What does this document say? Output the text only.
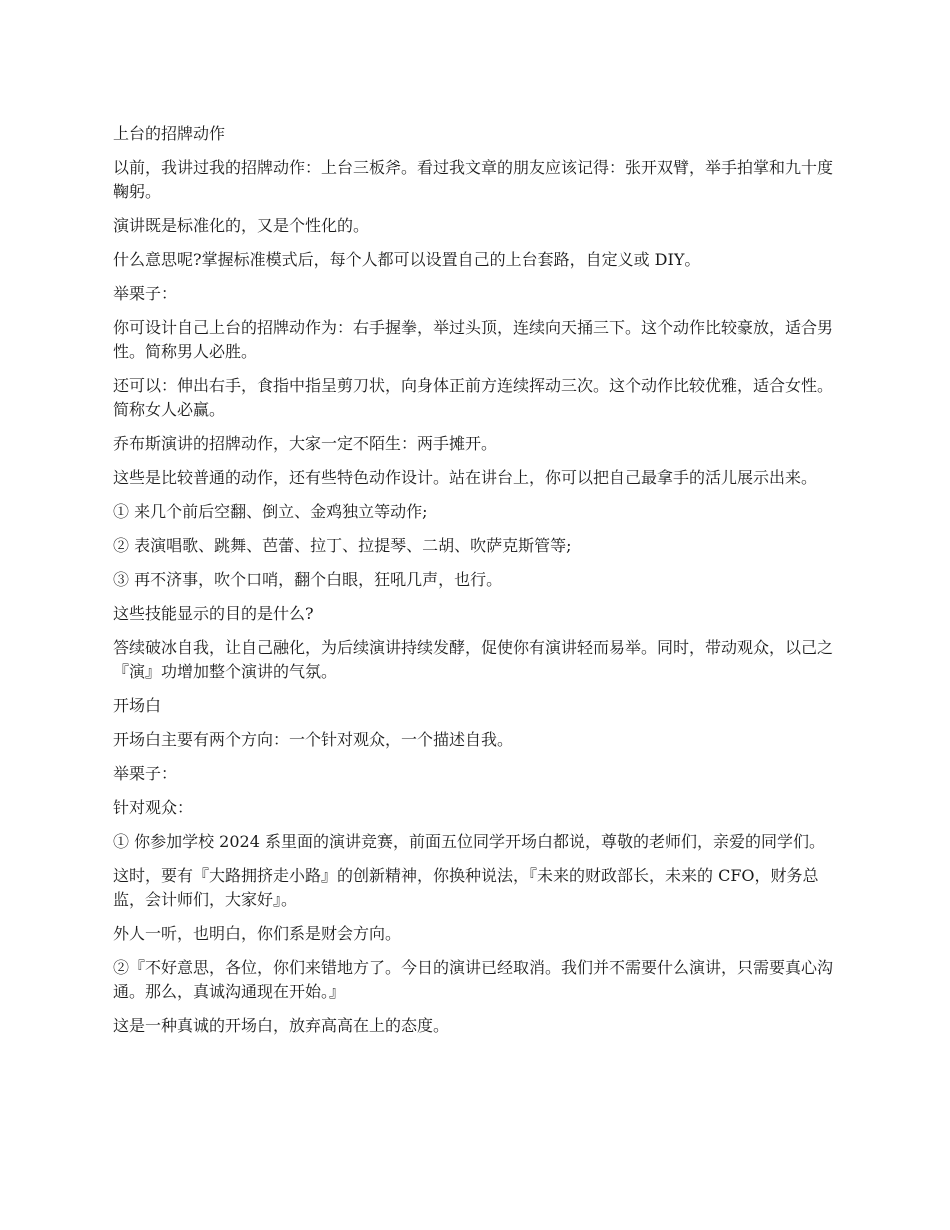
上台的招牌动作

以前，我讲过我的招牌动作：上台三板斧。看过我文章的朋友应该记得：张开双臂，举手拍掌和九十度鞠躬。

演讲既是标准化的，又是个性化的。

什么意思呢?掌握标准模式后，每个人都可以设置自己的上台套路，自定义或 DIY。

举栗子：

你可设计自己上台的招牌动作为：右手握拳，举过头顶，连续向天捅三下。这个动作比较豪放，适合男性。简称男人必胜。

还可以：伸出右手，食指中指呈剪刀状，向身体正前方连续挥动三次。这个动作比较优雅，适合女性。简称女人必赢。

乔布斯演讲的招牌动作，大家一定不陌生：两手摊开。

这些是比较普通的动作，还有些特色动作设计。站在讲台上，你可以把自己最拿手的活儿展示出来。

① 来几个前后空翻、倒立、金鸡独立等动作;

② 表演唱歌、跳舞、芭蕾、拉丁、拉提琴、二胡、吹萨克斯管等;

③ 再不济事，吹个口哨，翻个白眼，狂吼几声，也行。

这些技能显示的目的是什么?

答续破冰自我，让自己融化，为后续演讲持续发酵，促使你有演讲轻而易举。同时，带动观众，以己之『演』功增加整个演讲的气氛。

开场白

开场白主要有两个方向：一个针对观众，一个描述自我。

举栗子：

针对观众：

① 你参加学校 2024 系里面的演讲竞赛，前面五位同学开场白都说，尊敬的老师们，亲爱的同学们。

这时，要有『大路拥挤走小路』的创新精神，你换种说法，『未来的财政部长，未来的 CFO，财务总监，会计师们，大家好』。

外人一听，也明白，你们系是财会方向。

②『不好意思，各位，你们来错地方了。今日的演讲已经取消。我们并不需要什么演讲，只需要真心沟通。那么，真诚沟通现在开始。』

这是一种真诚的开场白，放弃高高在上的态度。
